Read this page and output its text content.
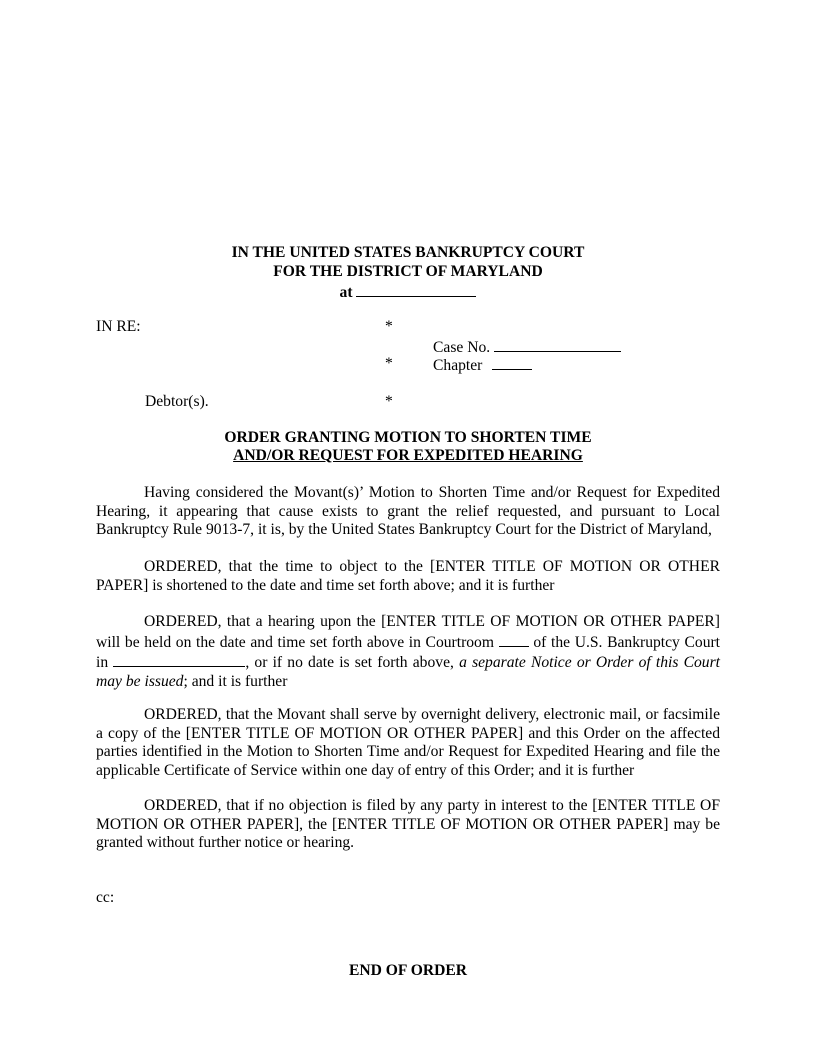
IN THE UNITED STATES BANKRUPTCY COURT
FOR THE DISTRICT OF MARYLAND
at
IN RE:	*
Case No.
*	Chapter
Debtor(s).	*
ORDER GRANTING MOTION TO SHORTEN TIME
AND/OR REQUEST FOR EXPEDITED HEARING
Having considered the Movant(s)’ Motion to Shorten Time and/or Request for Expedited
Hearing, it appearing that cause exists to grant the relief requested, and pursuant to Local
Bankruptcy Rule 9013-7, it is, by the United States Bankruptcy Court for the District of Maryland,
ORDERED, that the time to object to the [ENTER TITLE OF MOTION OR OTHER
PAPER] is shortened to the date and time set forth above; and it is further
ORDERED, that a hearing upon the [ENTER TITLE OF MOTION OR OTHER PAPER]
will be held on the date and time set forth above in Courtroom	of the U.S. Bankruptcy Court
in	, or if no date is set forth above, a separate Notice or Order of this Court
may be issued; and it is further
ORDERED, that the Movant shall serve by overnight delivery, electronic mail, or facsimile
a copy of the [ENTER TITLE OF MOTION OR OTHER PAPER] and this Order on the affected
parties identified in the Motion to Shorten Time and/or Request for Expedited Hearing and file the
applicable Certificate of Service within one day of entry of this Order; and it is further
ORDERED, that if no objection is filed by any party in interest to the [ENTER TITLE OF
MOTION OR OTHER PAPER], the [ENTER TITLE OF MOTION OR OTHER PAPER] may be
granted without further notice or hearing.
cc:
END OF ORDER
